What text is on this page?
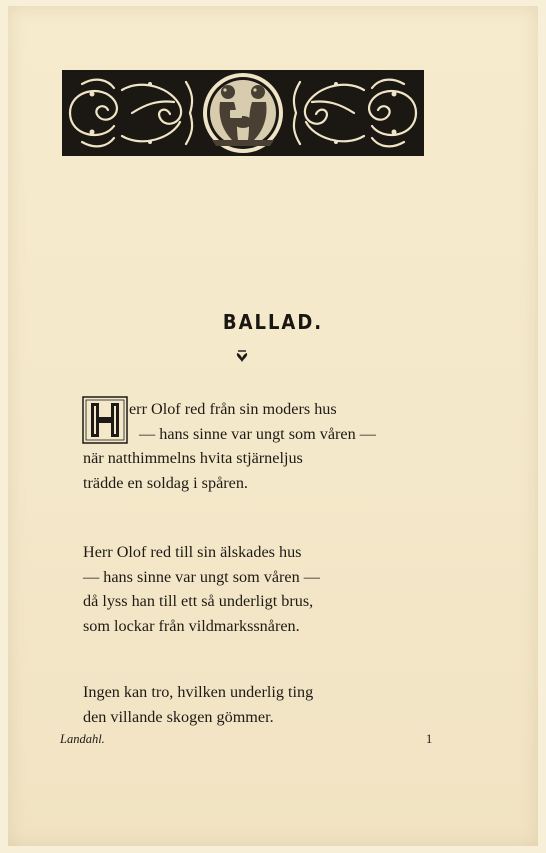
BALLAD.
err Olof red från sin moders hus
— hans sinne var ungt som våren —
när natthimmelns hvita stjärneljus
trädde en soldag i spåren.
Herr Olof red till sin älskades hus
— hans sinne var ungt som våren —
då lyss han till ett så underligt brus,
som lockar från vildmarkssnåren.
Ingen kan tro, hvilken underlig ting
den villande skogen gömmer.
Landahl.	1
